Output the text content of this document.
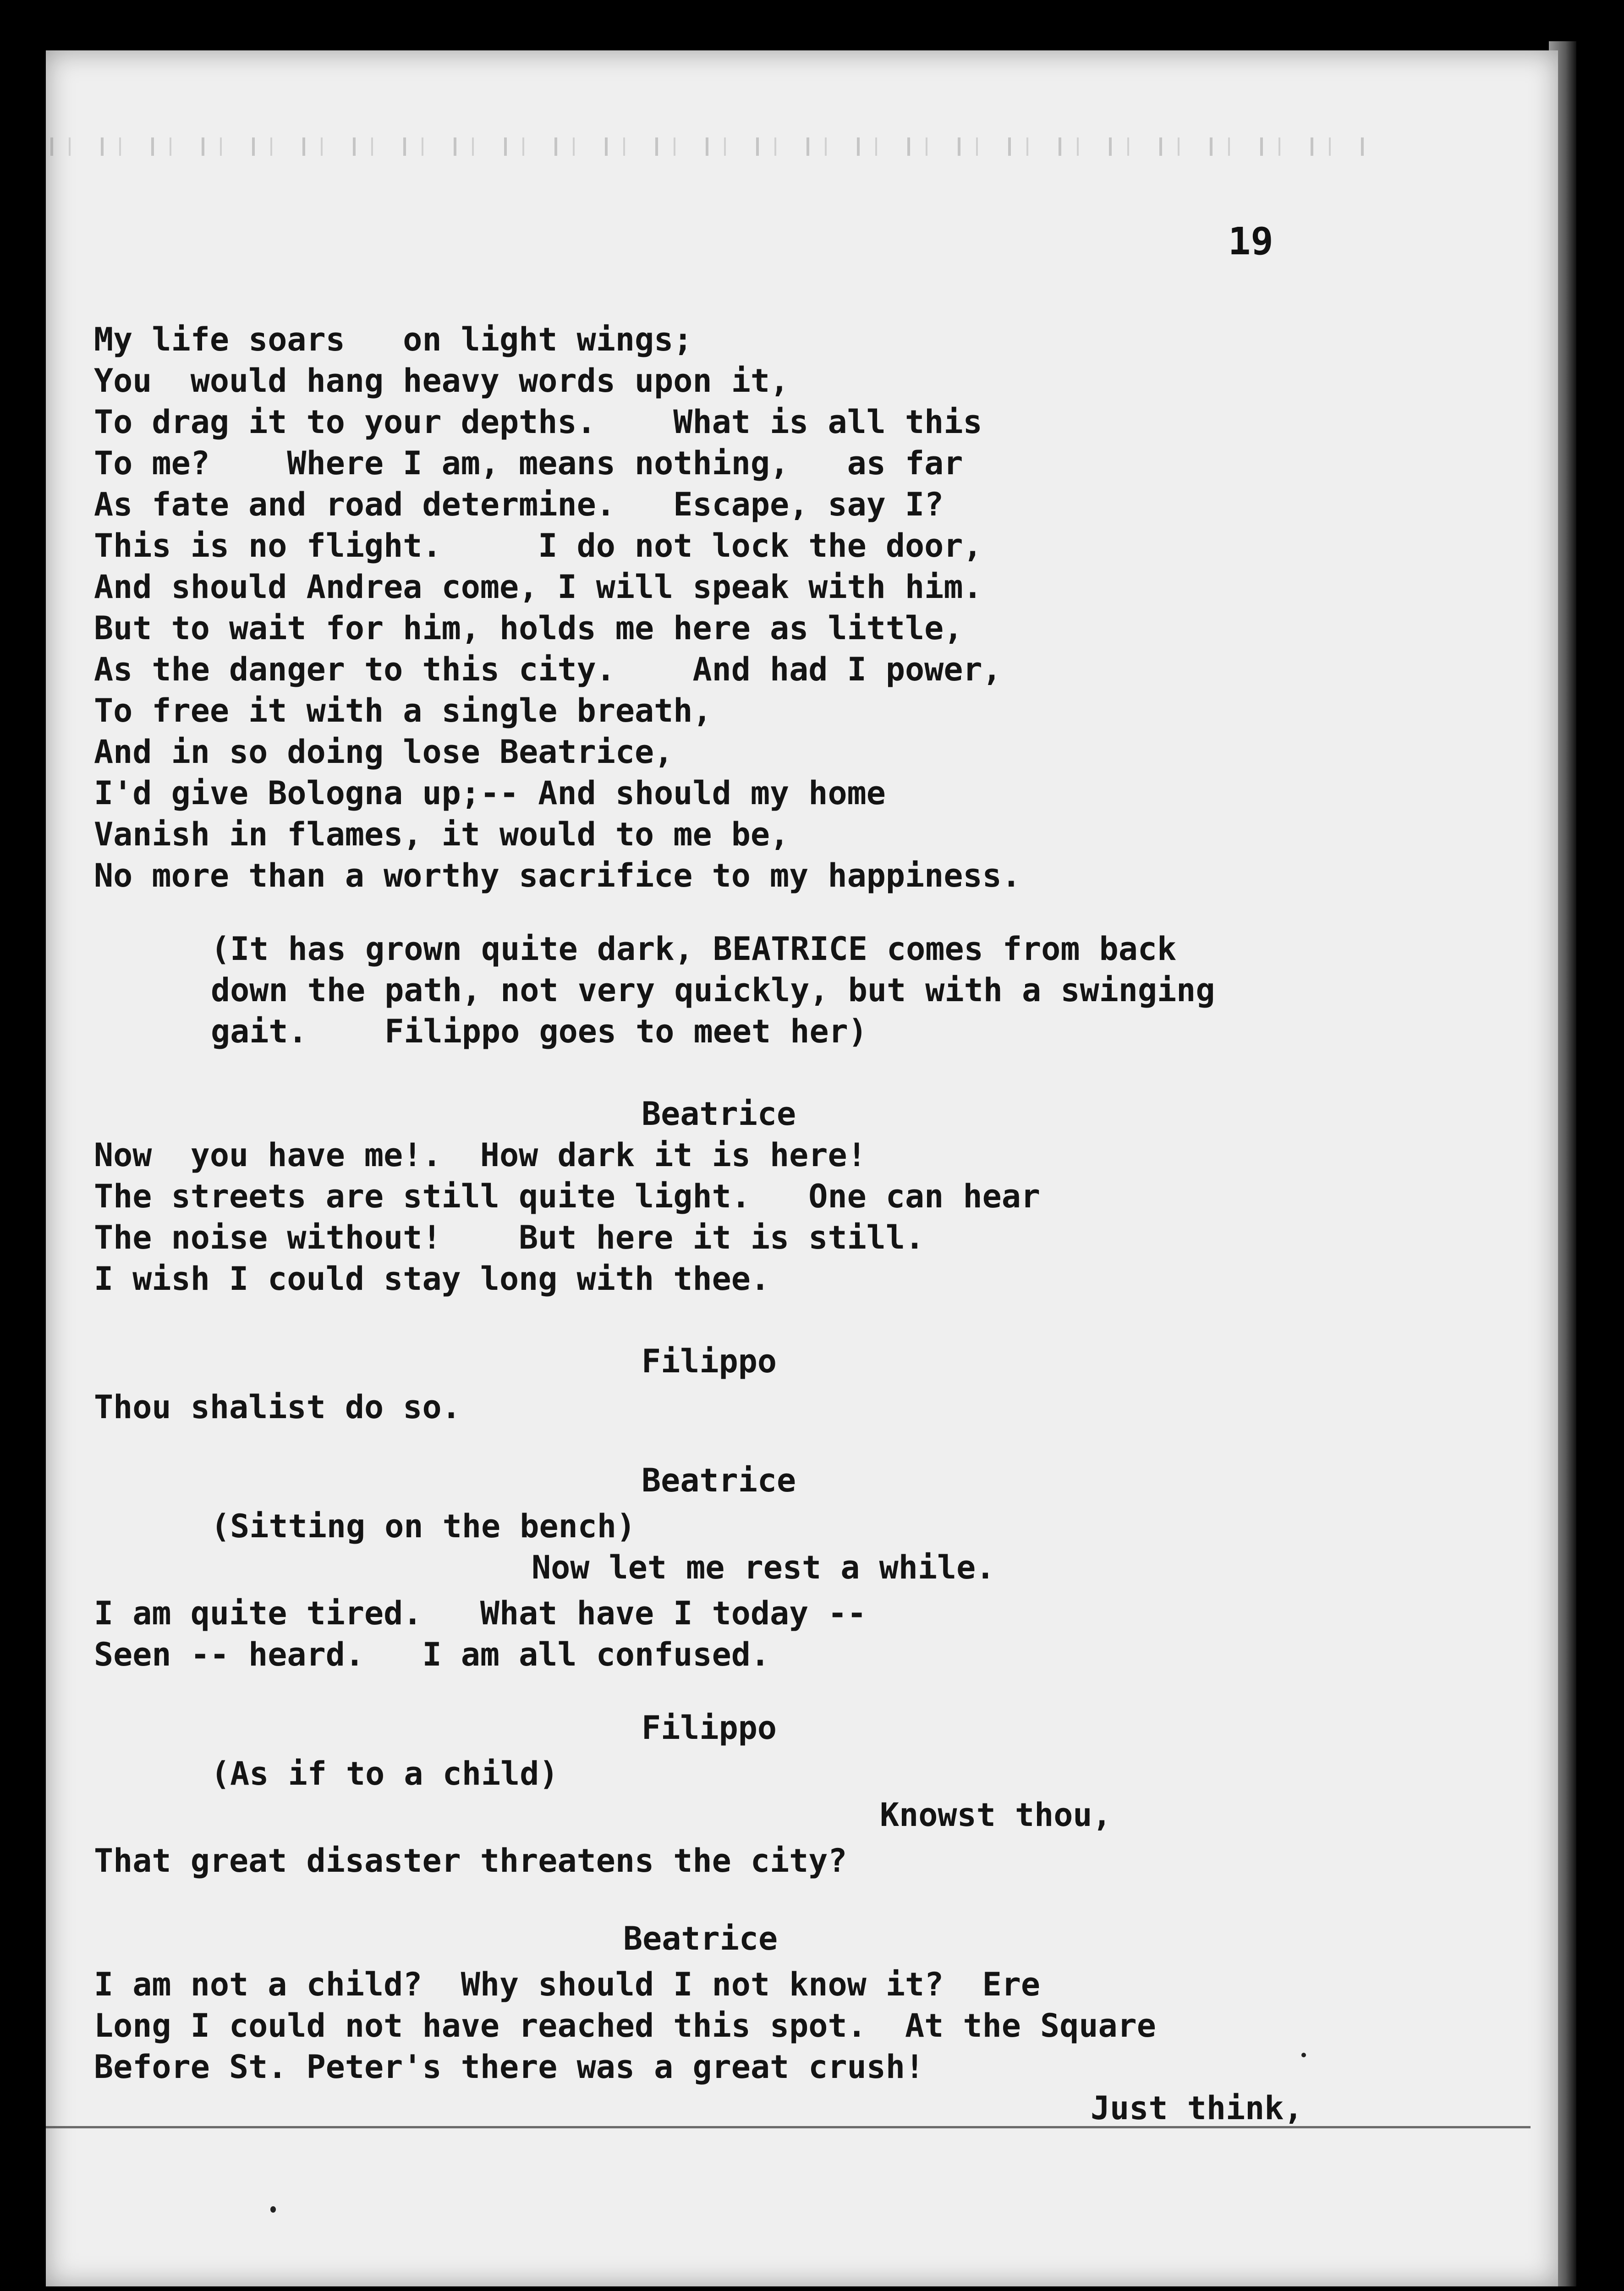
19
My life soars   on light wings;
You  would hang heavy words upon it,
To drag it to your depths.    What is all this
To me?    Where I am, means nothing,   as far
As fate and road determine.   Escape, say I?
This is no flight.     I do not lock the door,
And should Andrea come, I will speak with him.
But to wait for him, holds me here as little,
As the danger to this city.    And had I power,
To free it with a single breath,
And in so doing lose Beatrice,
I'd give Bologna up;-- And should my home
Vanish in flames, it would to me be,
No more than a worthy sacrifice to my happiness.
(It has grown quite dark, BEATRICE comes from back
down the path, not very quickly, but with a swinging
gait.    Filippo goes to meet her)
Beatrice
Now  you have me!.  How dark it is here!
The streets are still quite light.   One can hear
The noise without!    But here it is still.
I wish I could stay long with thee.
Filippo
Thou shalist do so.
Beatrice
(Sitting on the bench)
Now let me rest a while.
I am quite tired.   What have I today --
Seen -- heard.   I am all confused.
Filippo
(As if to a child)
Knowst thou,
That great disaster threatens the city?
Beatrice
I am not a child?  Why should I not know it?  Ere
Long I could not have reached this spot.  At the Square
Before St. Peter's there was a great crush!
Just think,
